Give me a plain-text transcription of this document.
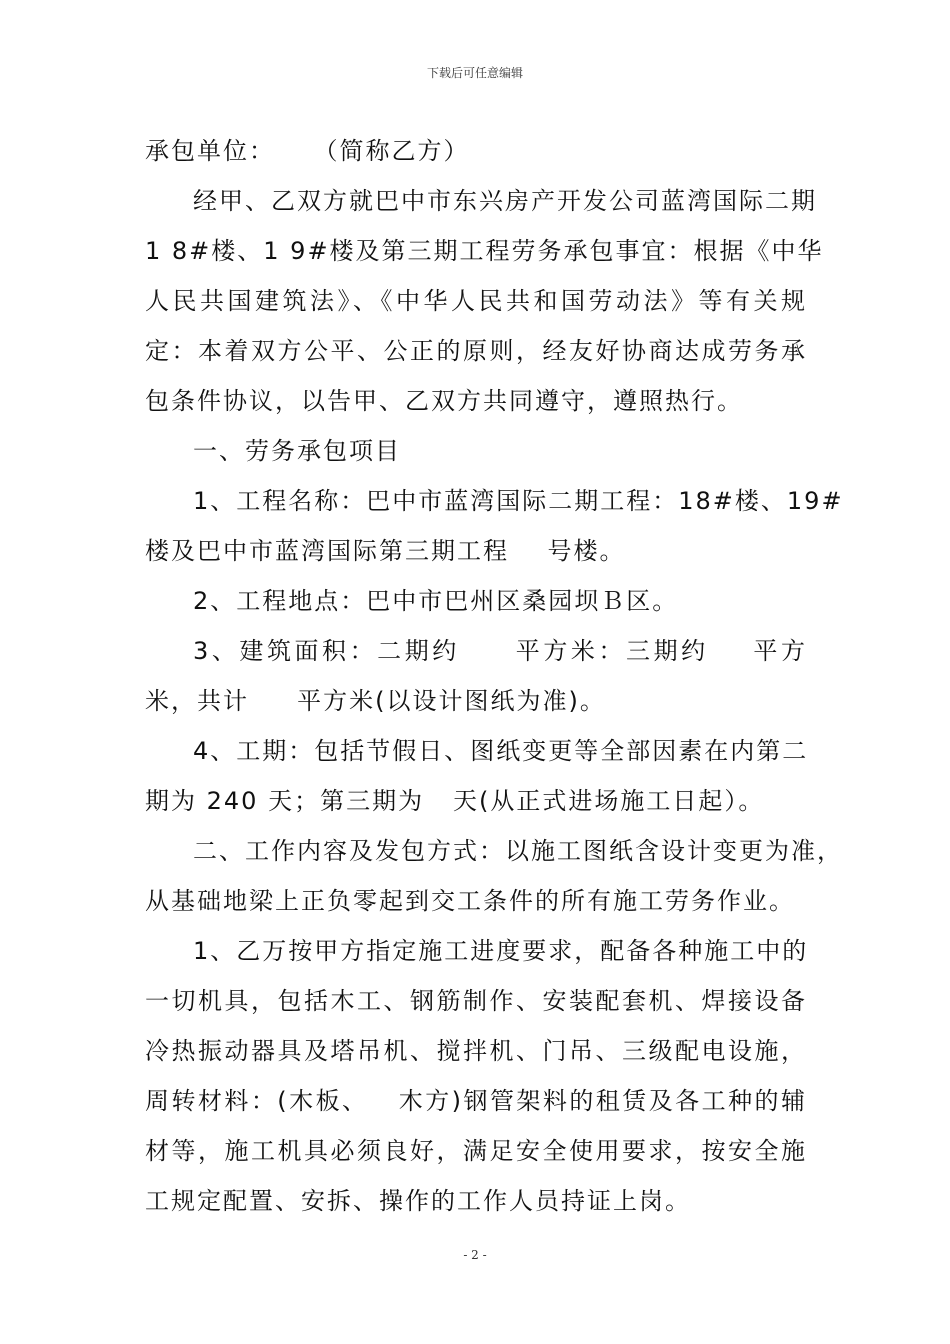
下载后可任意编辑
承包单位：    （简称乙方）
经甲、乙双方就巴中市东兴房产开发公司蓝湾国际二期
1 8#楼、1 9#楼及第三期工程劳务承包事宜：根据《中华
人民共国建筑法》、《中华人民共和国劳动法》等有关规
定：本着双方公平、公正的原则，经友好协商达成劳务承
包条件协议，以告甲、乙双方共同遵守，遵照热行。
一、劳务承包项目
1、工程名称：巴中市蓝湾国际二期工程：18#楼、19#
楼及巴中市蓝湾国际第三期工程    号楼。
2、工程地点：巴中市巴州区桑园坝Ｂ区。
3、建筑面积：二期约     平方米：三期约    平方
米，共计     平方米(以设计图纸为准)。
4、工期：包括节假日、图纸变更等全部因素在内第二
期为 240 天；第三期为   天(从正式进场施工日起）。
二、工作内容及发包方式：以施工图纸含设计变更为准，
从基础地梁上正负零起到交工条件的所有施工劳务作业。
1、乙万按甲方指定施工进度要求，配备各种施工中的
一切机具，包括木工、钢筋制作、安装配套机、焊接设备
冷热振动器具及塔吊机、搅拌机、门吊、三级配电设施，
周转材料：(木板、   木方)钢管架料的租赁及各工种的辅
材等，施工机具必须良好，满足安全使用要求，按安全施
工规定配置、安拆、操作的工作人员持证上岗。
- 2 -
